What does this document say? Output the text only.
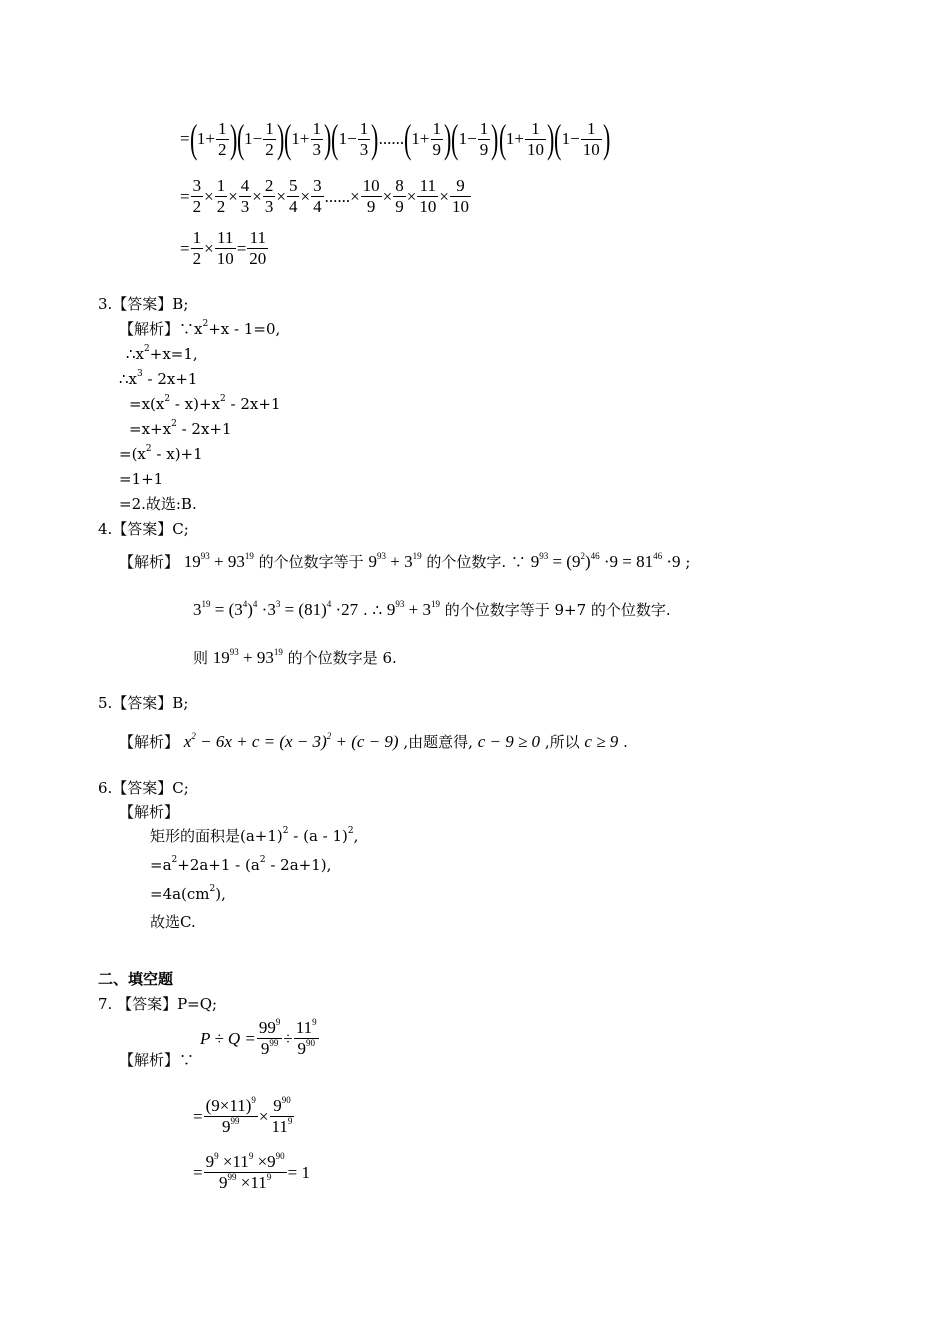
= ( $1 + \frac{1}{2}$ ) ( $1 - \frac{1}{2}$ ) ( $1 + \frac{1}{3}$ ) ( $1 - \frac{1}{3}$ ) ...... ( $1 + \frac{1}{9}$ ) ( $1 - \frac{1}{9}$ ) ( $1 + \frac{1}{10}$ ) ( $1 - \frac{1}{10}$ )
= $\frac{3}{2} \times \frac{1}{2} \times \frac{4}{3} \times \frac{2}{3} \times \frac{5}{4} \times \frac{3}{4}$ ......× $\frac{10}{9} \times \frac{8}{9} \times \frac{11}{10} \times \frac{9}{10}$
= $\frac{1}{2} \times \frac{11}{10} = \frac{11}{20}$
3.【答案】B;
【解析】$\because x^2+x - 1=0$,
$\therefore x^2+x=1$,
$\therefore x^3 - 2x+1$
$=x(x^2 - x)+x^2 - 2x+1$
$=x+x^2 - 2x+1$
$=(x^2 - x)+1$
=1+1
=2.故选:B.
4.【答案】C;
【解析】 $19^{93} + 93^{19}$ 的个位数字等于 $9^{93} + 3^{19}$ 的个位数字. ∵ $9^{93} = (9^2)^{46} \cdot 9 = 81^{46} \cdot 9$ ;
$3^{19} = (3^4)^4 \cdot 3^3 = (81)^4 \cdot 27$ . ∴ $9^{93} + 3^{19}$ 的个位数字等于 9+7 的个位数字.
则 $19^{93} + 93^{19}$ 的个位数字是 6.
5.【答案】B;
【解析】 $x^2 - 6x + c = (x - 3)^2 + (c - 9)$ ,由题意得, c − 9 ≥ 0 ,所以 c ≥ 9 .
6.【答案】C;
【解析】
矩形的面积是$(a+1)^2 - (a - 1)^2$,
$=a^2+2a+1 - (a^2 - 2a+1)$,
$=4a(cm^2)$,
故选C.
二、填空题
7. 【答案】P=Q;
【解析】∵
$P \div Q = \frac{99^9}{9^{99}} \div \frac{11^9}{9^{90}}$
= $\frac{(9\times 11)^9}{9^{99}} \times \frac{9^{90}}{11^9}$
= $\frac{9^9 \times 11^9 \times 9^{90}}{9^{99} \times 11^9} = 1$
